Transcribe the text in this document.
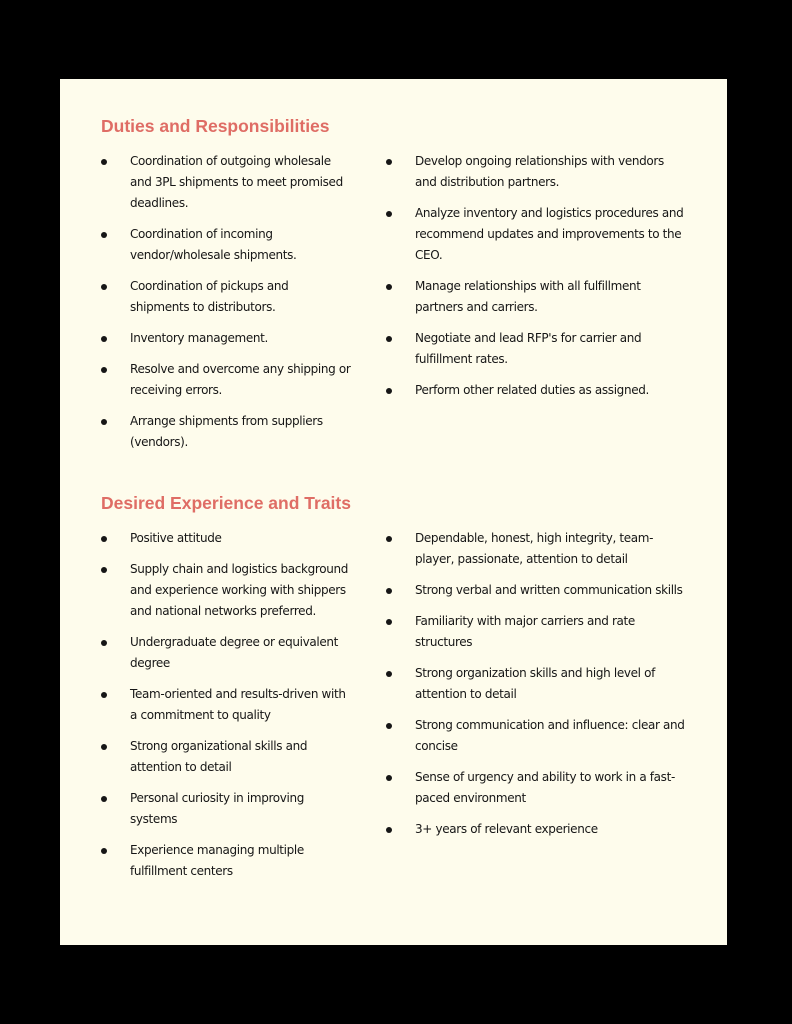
Duties and Responsibilities
Coordination of outgoing wholesale and 3PL shipments to meet promised deadlines.
Coordination of incoming vendor/wholesale shipments.
Coordination of pickups and shipments to distributors.
Inventory management.
Resolve and overcome any shipping or receiving errors.
Arrange shipments from suppliers (vendors).
Develop ongoing relationships with vendors and distribution partners.
Analyze inventory and logistics procedures and recommend updates and improvements to the CEO.
Manage relationships with all fulfillment partners and carriers.
Negotiate and lead RFP's for carrier and fulfillment rates.
Perform other related duties as assigned.
Desired Experience and Traits
Positive attitude
Supply chain and logistics background and experience working with shippers and national networks preferred.
Undergraduate degree or equivalent degree
Team-oriented and results-driven with a commitment to quality
Strong organizational skills and attention to detail
Personal curiosity in improving systems
Experience managing multiple fulfillment centers
Dependable, honest, high integrity, team-player, passionate, attention to detail
Strong verbal and written communication skills
Familiarity with major carriers and rate structures
Strong organization skills and high level of attention to detail
Strong communication and influence: clear and concise
Sense of urgency and ability to work in a fast-paced environment
3+ years of relevant experience
